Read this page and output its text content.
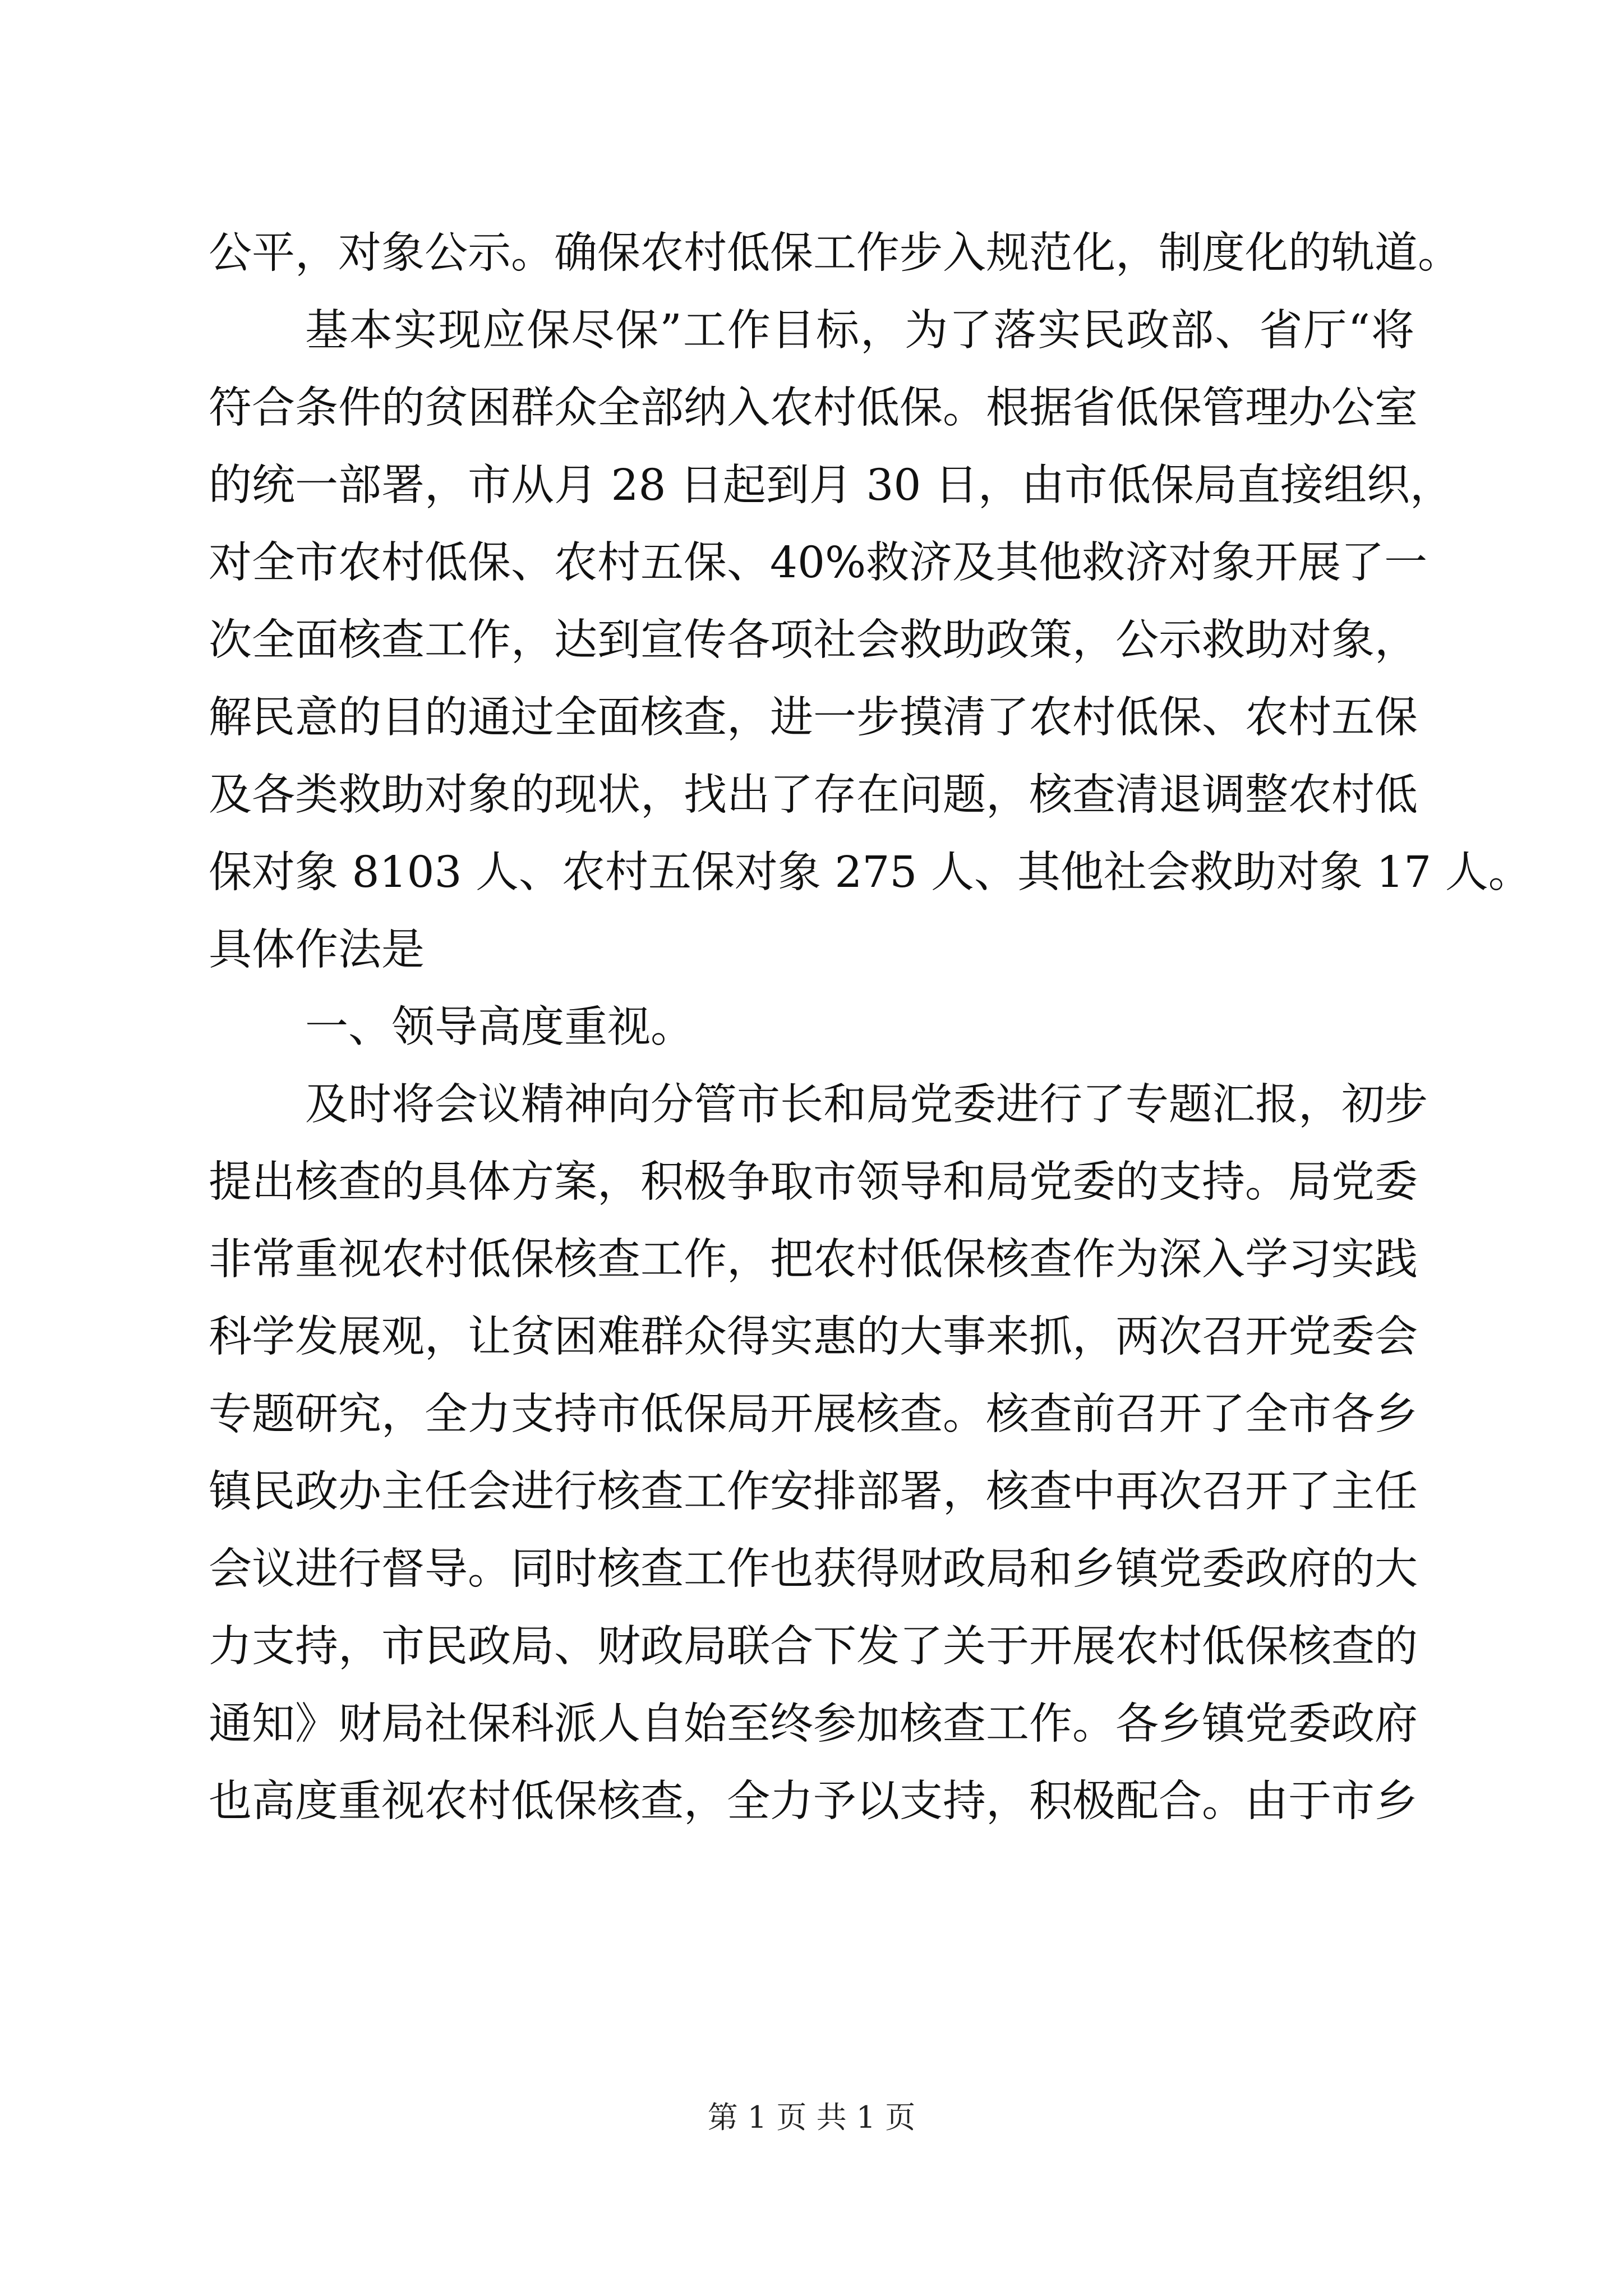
公平，对象公示。确保农村低保工作步入规范化，制度化的轨道。
基本实现应保尽保”工作目标，为了落实民政部、省厅“将
符合条件的贫困群众全部纳入农村低保。根据省低保管理办公室
的统一部署，市从月 28 日起到月 30 日，由市低保局直接组织，
对全市农村低保、农村五保、40%救济及其他救济对象开展了一
次全面核查工作，达到宣传各项社会救助政策，公示救助对象，
解民意的目的通过全面核查，进一步摸清了农村低保、农村五保
及各类救助对象的现状，找出了存在问题，核查清退调整农村低
保对象 8103 人、农村五保对象 275 人、其他社会救助对象 17 人。
具体作法是
一、领导高度重视。
及时将会议精神向分管市长和局党委进行了专题汇报，初步
提出核查的具体方案，积极争取市领导和局党委的支持。局党委
非常重视农村低保核查工作，把农村低保核查作为深入学习实践
科学发展观，让贫困难群众得实惠的大事来抓，两次召开党委会
专题研究，全力支持市低保局开展核查。核查前召开了全市各乡
镇民政办主任会进行核查工作安排部署，核查中再次召开了主任
会议进行督导。同时核查工作也获得财政局和乡镇党委政府的大
力支持，市民政局、财政局联合下发了关于开展农村低保核查的
通知》财局社保科派人自始至终参加核查工作。各乡镇党委政府
也高度重视农村低保核查，全力予以支持，积极配合。由于市乡
第 1 页 共 1 页
